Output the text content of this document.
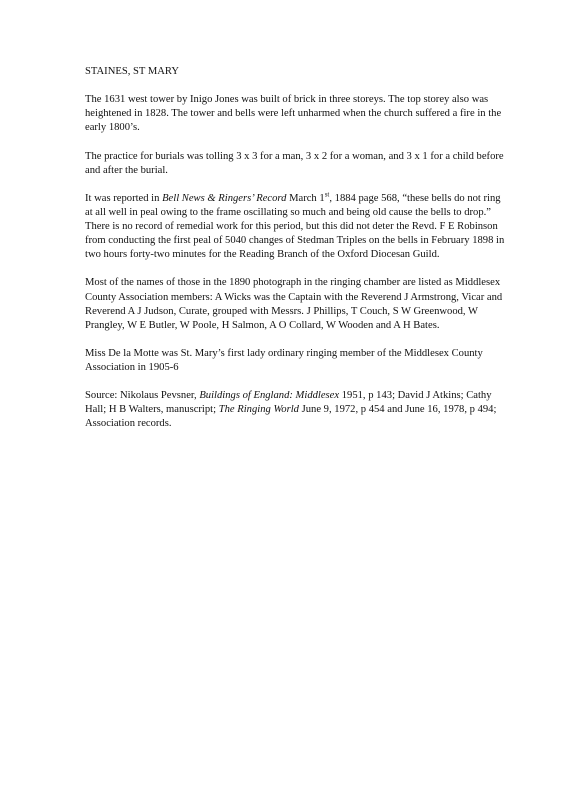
STAINES, ST MARY

The 1631 west tower by Inigo Jones was built of brick in three storeys. The top storey also was heightened in 1828. The tower and bells were left unharmed when the church suffered a fire in the early 1800’s.

The practice for burials was tolling 3 x 3 for a man, 3 x 2 for a woman, and 3 x 1 for a child before and after the burial.

It was reported in Bell News & Ringers’ Record March 1st, 1884 page 568, “these bells do not ring at all well in peal owing to the frame oscillating so much and being old cause the bells to drop.” There is no record of remedial work for this period, but this did not deter the Revd. F E Robinson from conducting the first peal of 5040 changes of Stedman Triples on the bells in February 1898 in two hours forty-two minutes for the Reading Branch of the Oxford Diocesan Guild.

Most of the names of those in the 1890 photograph in the ringing chamber are listed as Middlesex County Association members: A Wicks was the Captain with the Reverend J Armstrong, Vicar and Reverend A J Judson, Curate, grouped with Messrs. J Phillips, T Couch, S W Greenwood, W Prangley, W E Butler, W Poole, H Salmon, A O Collard, W Wooden and A H Bates.

Miss De la Motte was St. Mary’s first lady ordinary ringing member of the Middlesex County Association in 1905-6

Source: Nikolaus Pevsner, Buildings of England: Middlesex 1951, p 143; David J Atkins; Cathy Hall; H B Walters, manuscript; The Ringing World June 9, 1972, p 454 and June 16, 1978, p 494; Association records.
